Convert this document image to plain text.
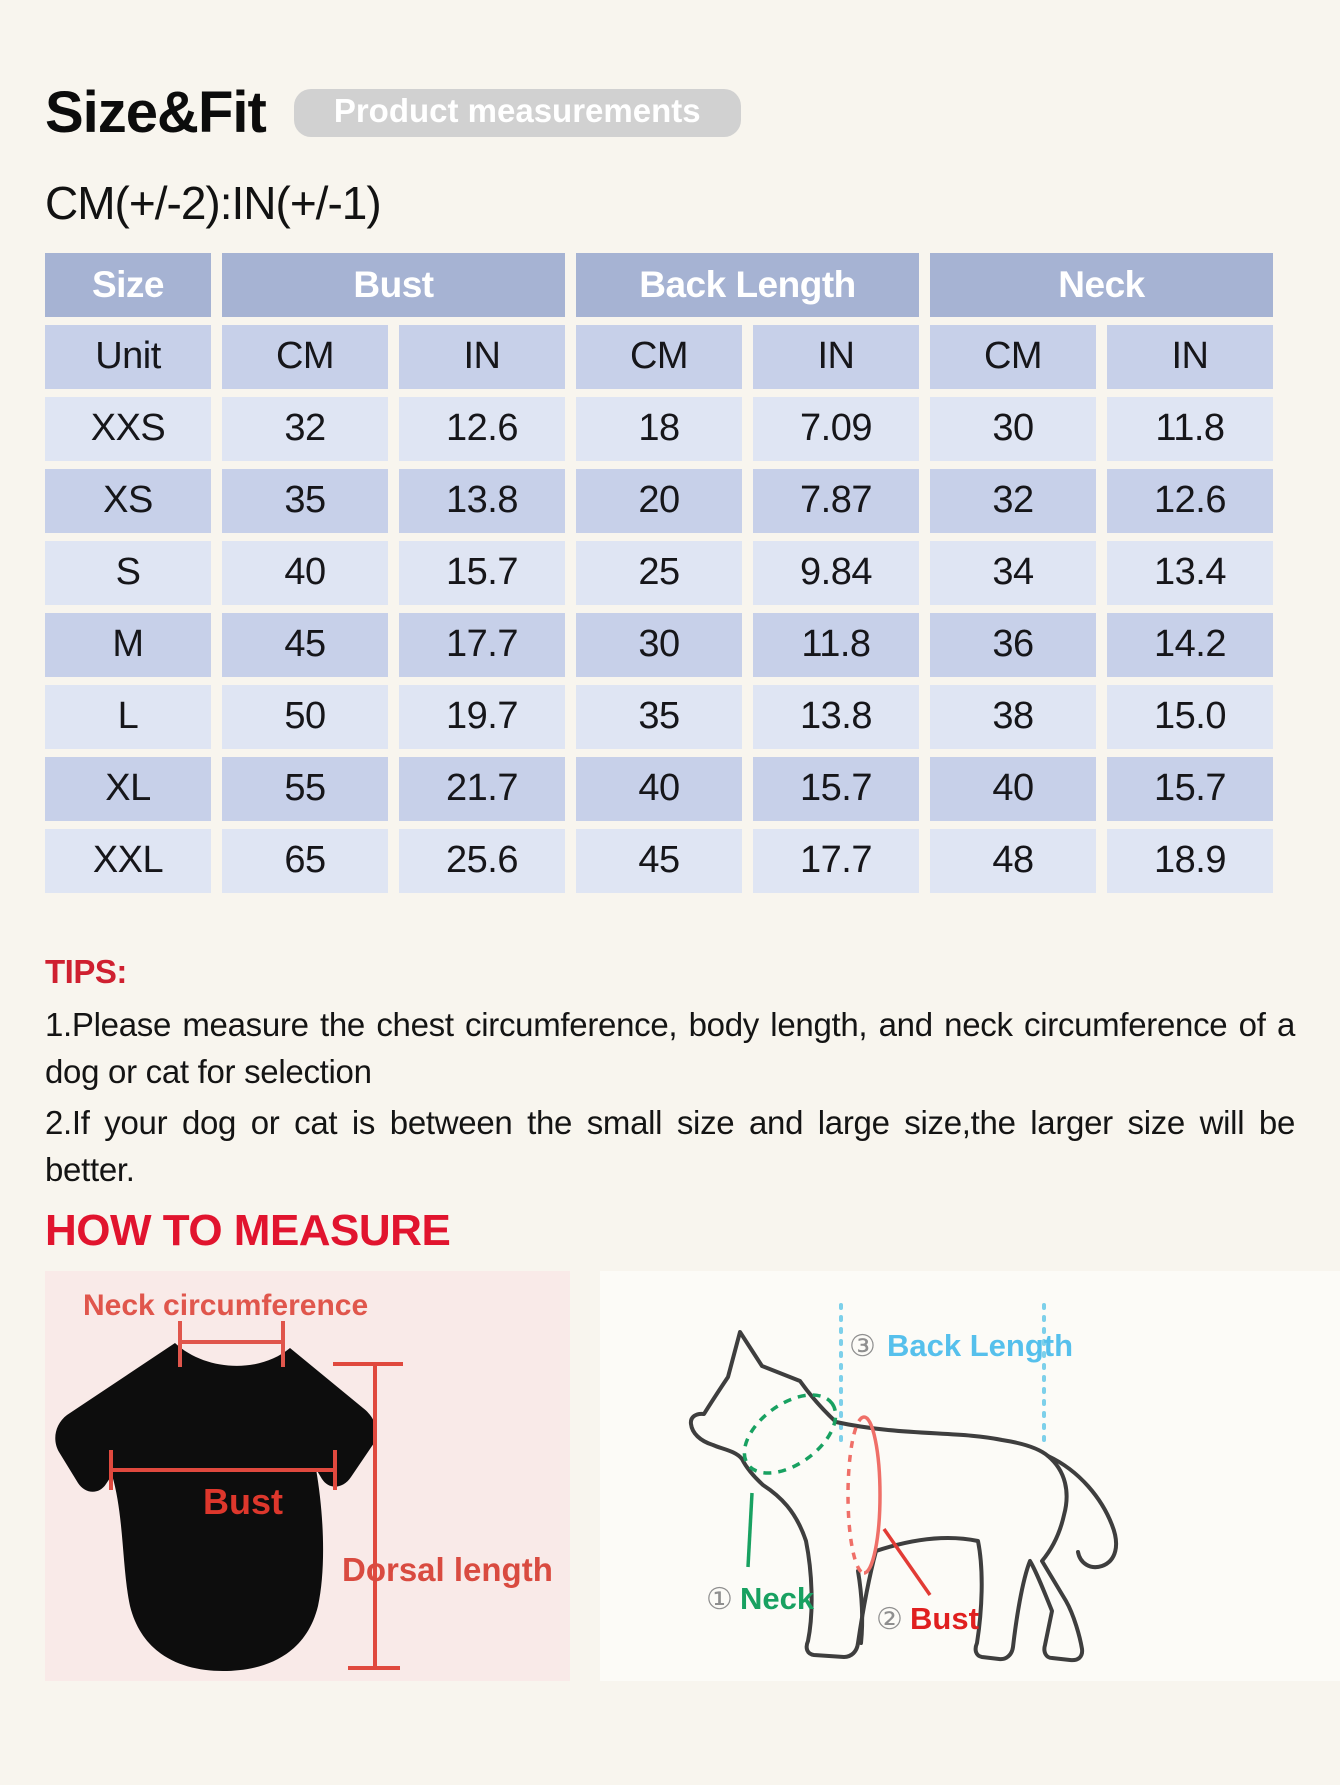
Size&Fit	Product measurements
CM(+/-2):IN(+/-1)
Size	Bust		Back Length		Neck	
Unit	CM	IN	CM	IN	CM	IN
XXS	32	12.6	18	7.09	30	11.8
XS	35	13.8	20	7.87	32	12.6
S	40	15.7	25	9.84	34	13.4
M	45	17.7	30	11.8	36	14.2
L	50	19.7	35	13.8	38	15.0
XL	55	21.7	40	15.7	40	15.7
XXL	65	25.6	45	17.7	48	18.9
TIPS:

1.Please measure the chest circumference, body length, and neck circumference of a dog or cat for selection

2.If your dog or cat is between the small size and large size,the larger size will be better.

HOW TO MEASURE
Neck circumference
Bust
Dorsal length
③ Back Length
① Neck
② Bust
